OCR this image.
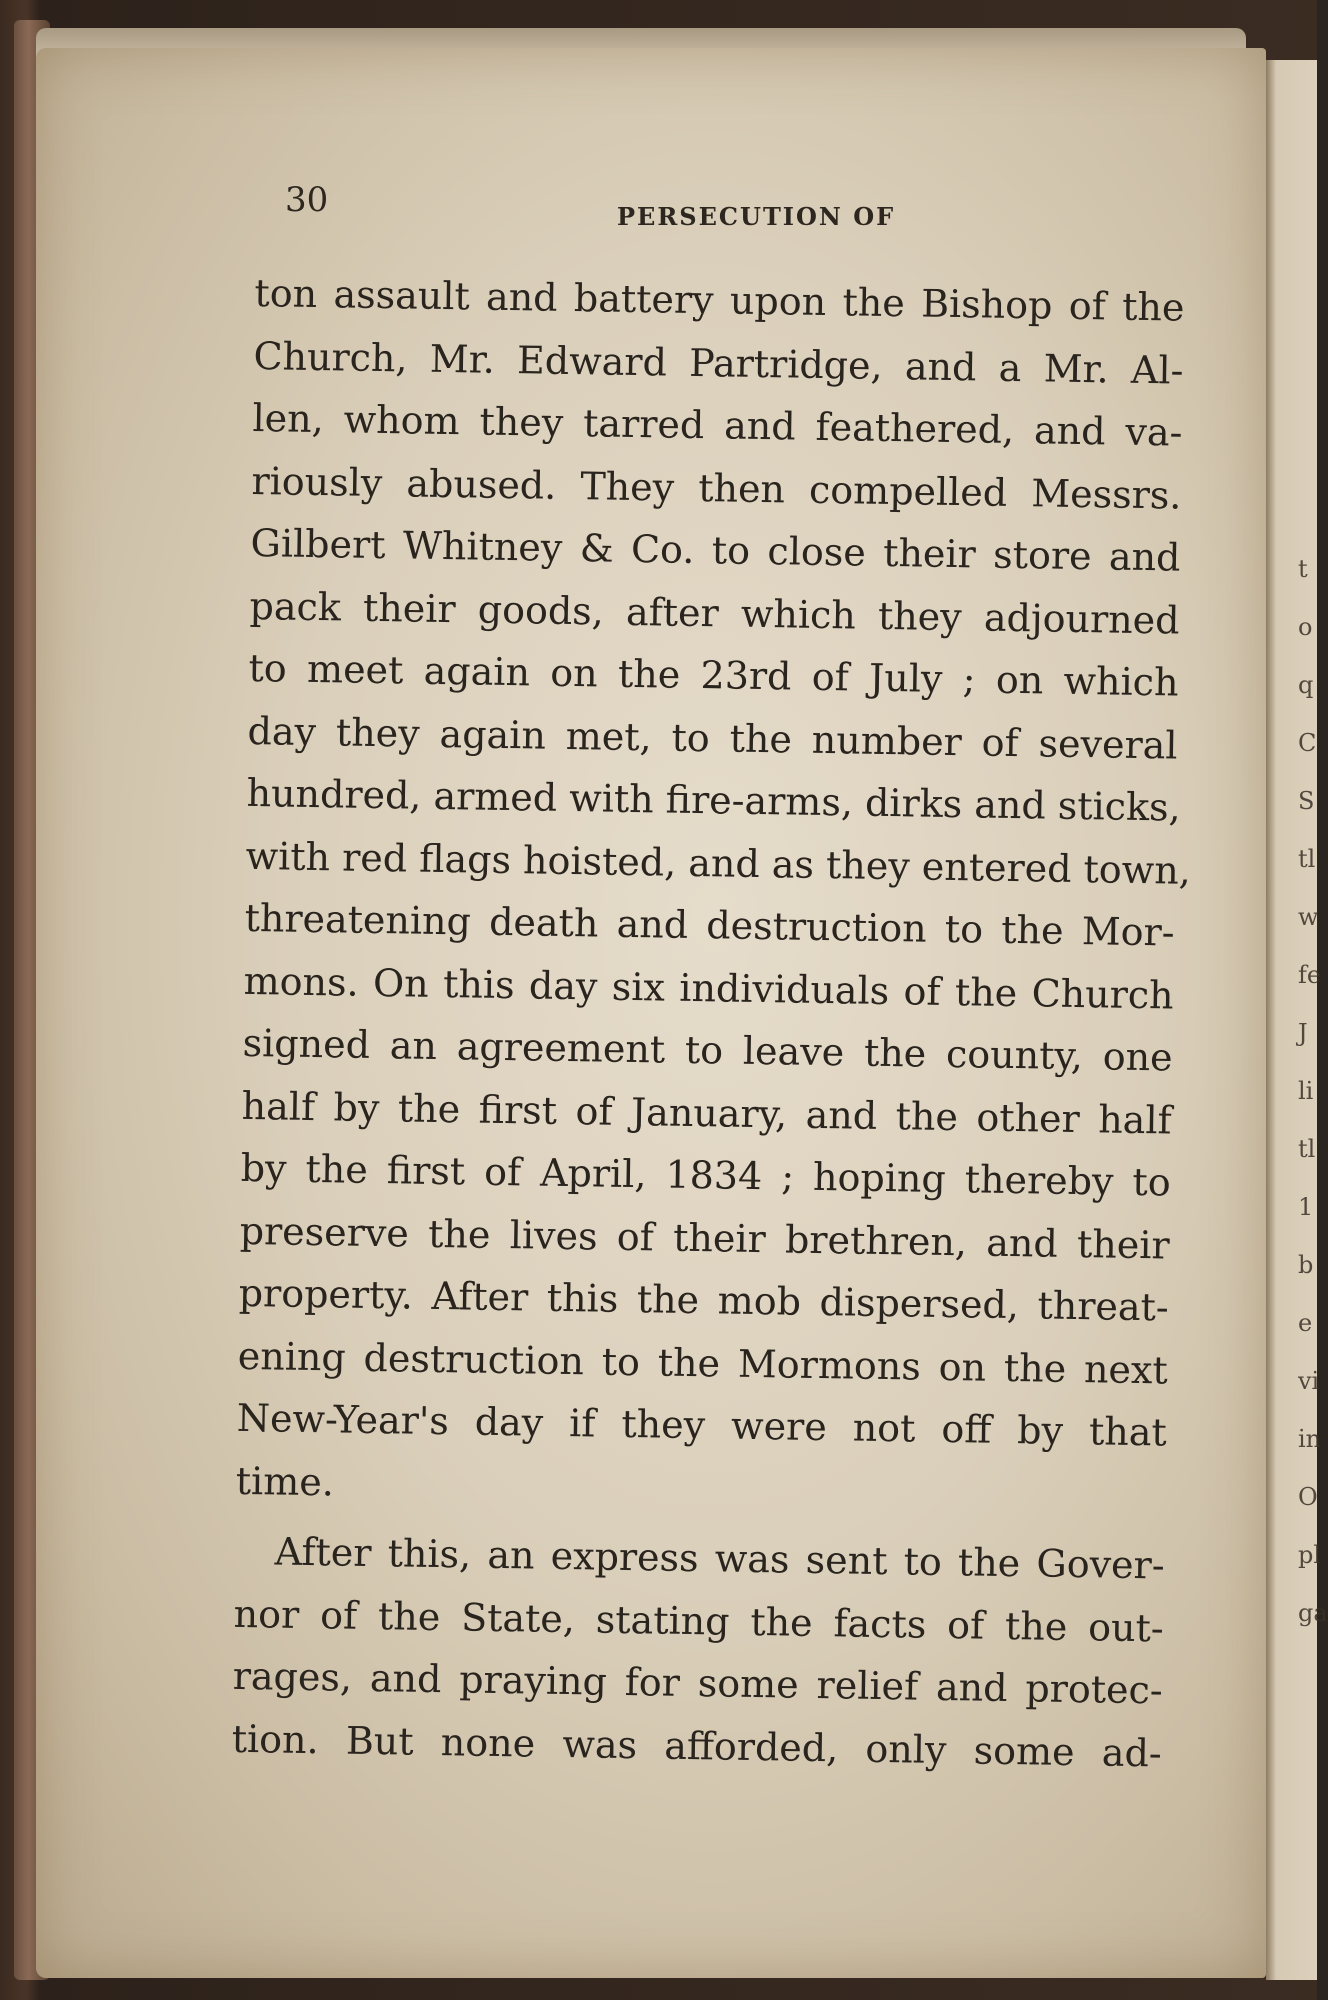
t
o
q
C
S
tl
w
fe
J
li
tl
1
b
e
vi
in
O
pl
ga
30	PERSECUTION OF
ton assault and battery upon the Bishop of the
Church, Mr. Edward Partridge, and a Mr. Al-
len, whom they tarred and feathered, and va-
riously abused. They then compelled Messrs.
Gilbert Whitney & Co. to close their store and
pack their goods, after which they adjourned
to meet again on the 23rd of July ; on which
day they again met, to the number of several
hundred, armed with fire-arms, dirks and sticks,
with red flags hoisted, and as they entered town,
threatening death and destruction to the Mor-
mons. On this day six individuals of the Church
signed an agreement to leave the county, one
half by the first of January, and the other half
by the first of April, 1834 ; hoping thereby to
preserve the lives of their brethren, and their
property. After this the mob dispersed, threat-
ening destruction to the Mormons on the next
New-Year's day if they were not off by that
time.
After this, an express was sent to the Gover-
nor of the State, stating the facts of the out-
rages, and praying for some relief and protec-
tion. But none was afforded, only some ad-
